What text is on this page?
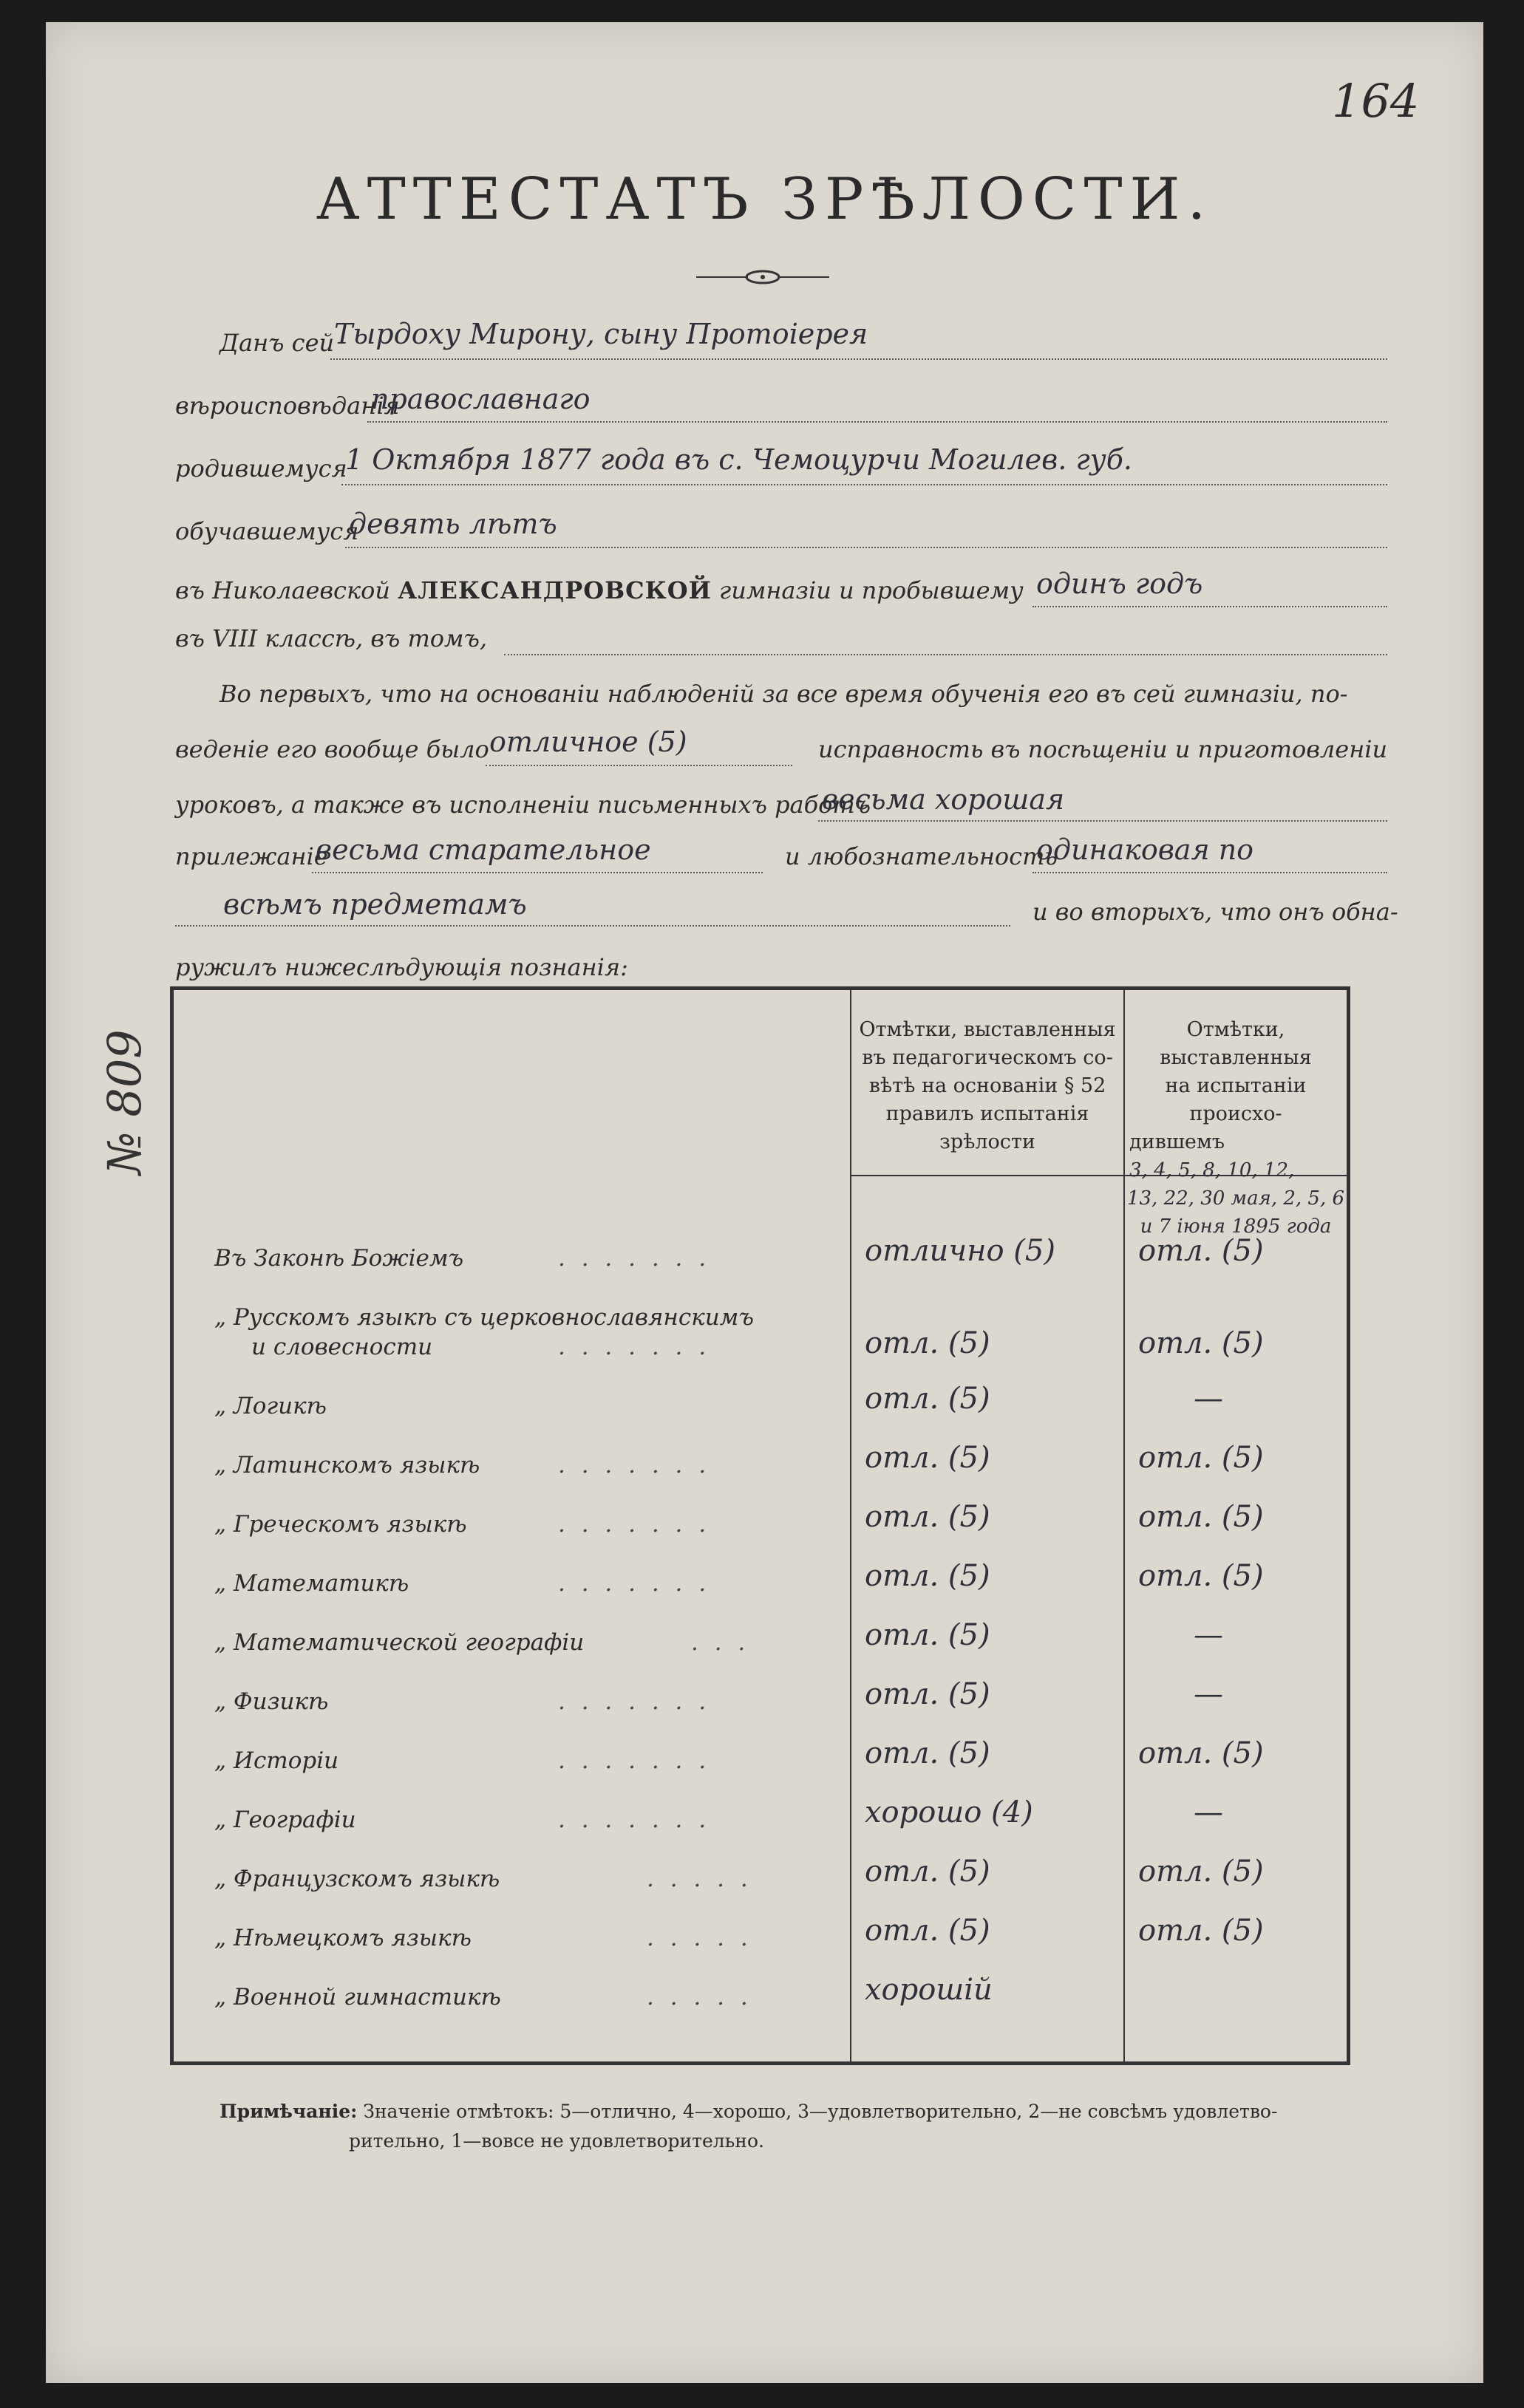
164
АТТЕСТАТЪ ЗРѢЛОСТИ.
№ 809
Данъ сей Тырдоху Мирону, сыну Протоiерея
вѣроисповѣданiя
православнаго
родившемуся
1 Октября 1877 года въ с. Чемоцурчи Могилев. губ.
обучавшемуся
девять лѣтъ
въ Николаевской АЛЕКСАНДРОВСКОЙ гимназiи и пробывшему одинъ годъ
въ VIII классѣ, въ томъ,
Во первыхъ, что на основанiи наблюденiй за все время обученiя его въ сей гимназiи, по-
веденiе его вообще было отличное (5)	исправность въ посѣщенiи и приготовленiи
уроковъ, а также въ исполненiи письменныхъ работъ
весьма хорошая
прилежанiе
весьма старательное	и любознательность
одинаковая по
всѣмъ предметамъ	и во вторыхъ, что онъ обна-
ружилъ нижеслѣдующiя познанiя:
Отмѣтки, выставленныя
въ педагогическомъ со-
вѣтѣ на основанiи § 52
правилъ испытанiя
зрѣлости
Отмѣтки, выставленныя
на испытанiи происхо-
дившемъ 3, 4, 5, 8, 10, 12,
13, 22, 30 мая, 2, 5, 6
и 7 iюня 1895 года
Въ Законѣ Божiемъ	. . . . . . .	отлично (5)	отл. (5)
„ Русскомъ языкѣ съ церковнославянскимъ
и словесности	. . . . . . .	отл. (5)	отл. (5)
„ Логикѣ	отл. (5)	—
„ Латинскомъ языкѣ	. . . . . . .	отл. (5)	отл. (5)
„ Греческомъ языкѣ	. . . . . . .	отл. (5)	отл. (5)
„ Математикѣ	. . . . . . .	отл. (5)	отл. (5)
„ Математической географiи	. . .	отл. (5)	—
„ Физикѣ	. . . . . . .	отл. (5)	—
„ Исторiи	. . . . . . .	отл. (5)	отл. (5)
„ Географiи	. . . . . . .	хорошо (4)	—
„ Французскомъ языкѣ	. . . . .	отл. (5)	отл. (5)
„ Нѣмецкомъ языкѣ	. . . . .	отл. (5)	отл. (5)
„ Военной гимнастикѣ	. . . . .	хорошiй
Примѣчанiе: Значенiе отмѣтокъ: 5—отлично, 4—хорошо, 3—удовлетворительно, 2—не совсѣмъ удовлетво-
рительно, 1—вовсе не удовлетворительно.
